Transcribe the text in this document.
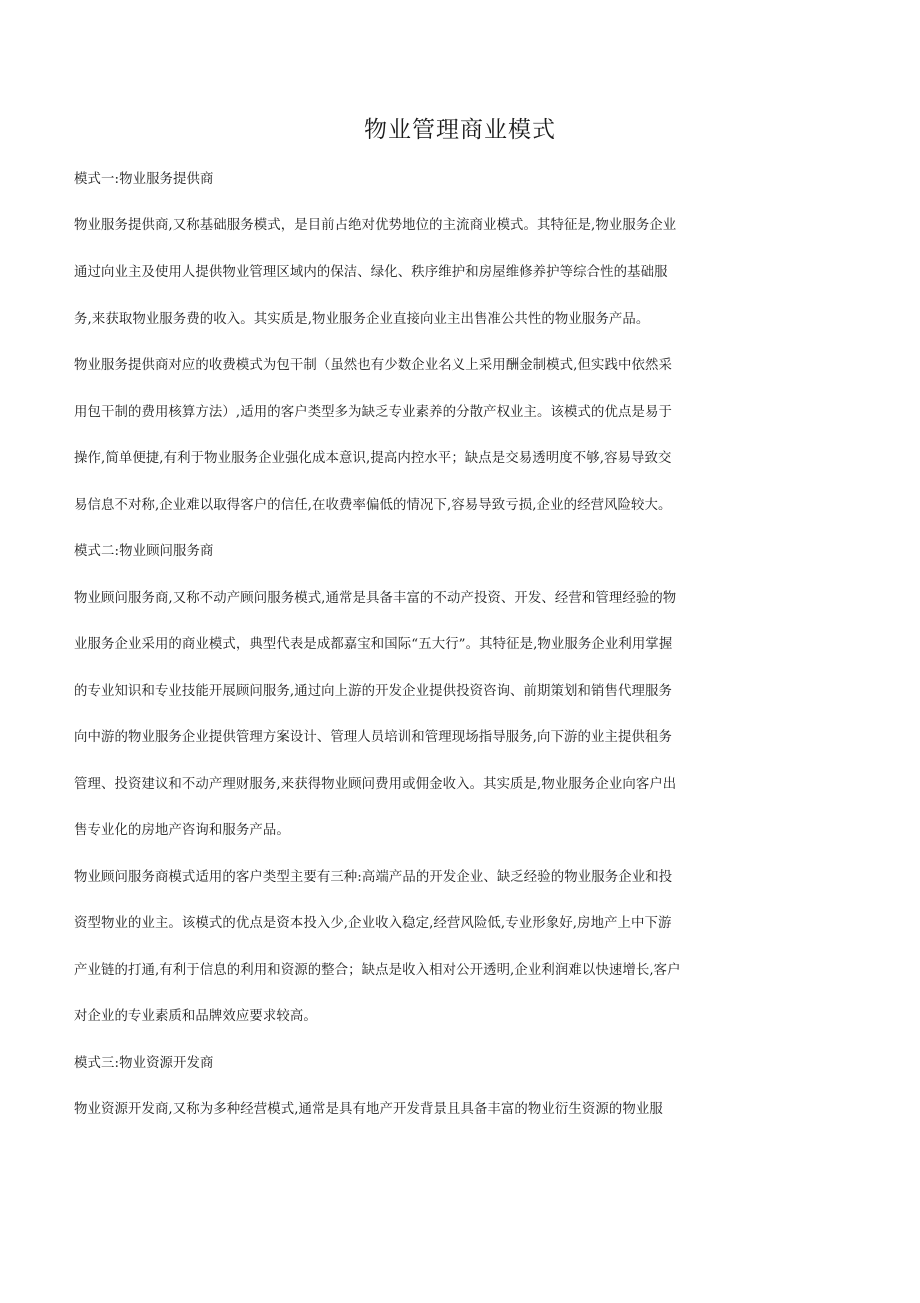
物业管理商业模式
模式一:物业服务提供商
物业服务提供商,又称基础服务模式，是目前占绝对优势地位的主流商业模式。其特征是,物业服务企业
通过向业主及使用人提供物业管理区域内的保洁、绿化、秩序维护和房屋维修养护等综合性的基础服
务,来获取物业服务费的收入。其实质是,物业服务企业直接向业主出售准公共性的物业服务产品。
物业服务提供商对应的收费模式为包干制（虽然也有少数企业名义上采用酬金制模式,但实践中依然采
用包干制的费用核算方法）,适用的客户类型多为缺乏专业素养的分散产权业主。该模式的优点是易于
操作,简单便捷,有利于物业服务企业强化成本意识,提高内控水平；缺点是交易透明度不够,容易导致交
易信息不对称,企业难以取得客户的信任,在收费率偏低的情况下,容易导致亏损,企业的经营风险较大。
模式二:物业顾问服务商
物业顾问服务商,又称不动产顾问服务模式,通常是具备丰富的不动产投资、开发、经营和管理经验的物
业服务企业采用的商业模式，典型代表是成都嘉宝和国际“五大行”。其特征是,物业服务企业利用掌握
的专业知识和专业技能开展顾问服务,通过向上游的开发企业提供投资咨询、前期策划和销售代理服务
向中游的物业服务企业提供管理方案设计、管理人员培训和管理现场指导服务,向下游的业主提供租务
管理、投资建议和不动产理财服务,来获得物业顾问费用或佣金收入。其实质是,物业服务企业向客户出
售专业化的房地产咨询和服务产品。
物业顾问服务商模式适用的客户类型主要有三种:高端产品的开发企业、缺乏经验的物业服务企业和投
资型物业的业主。该模式的优点是资本投入少,企业收入稳定,经营风险低,专业形象好,房地产上中下游
产业链的打通,有利于信息的利用和资源的整合；缺点是收入相对公开透明,企业利润难以快速增长,客户
对企业的专业素质和品牌效应要求较高。
模式三:物业资源开发商
物业资源开发商,又称为多种经营模式,通常是具有地产开发背景且具备丰富的物业衍生资源的物业服
